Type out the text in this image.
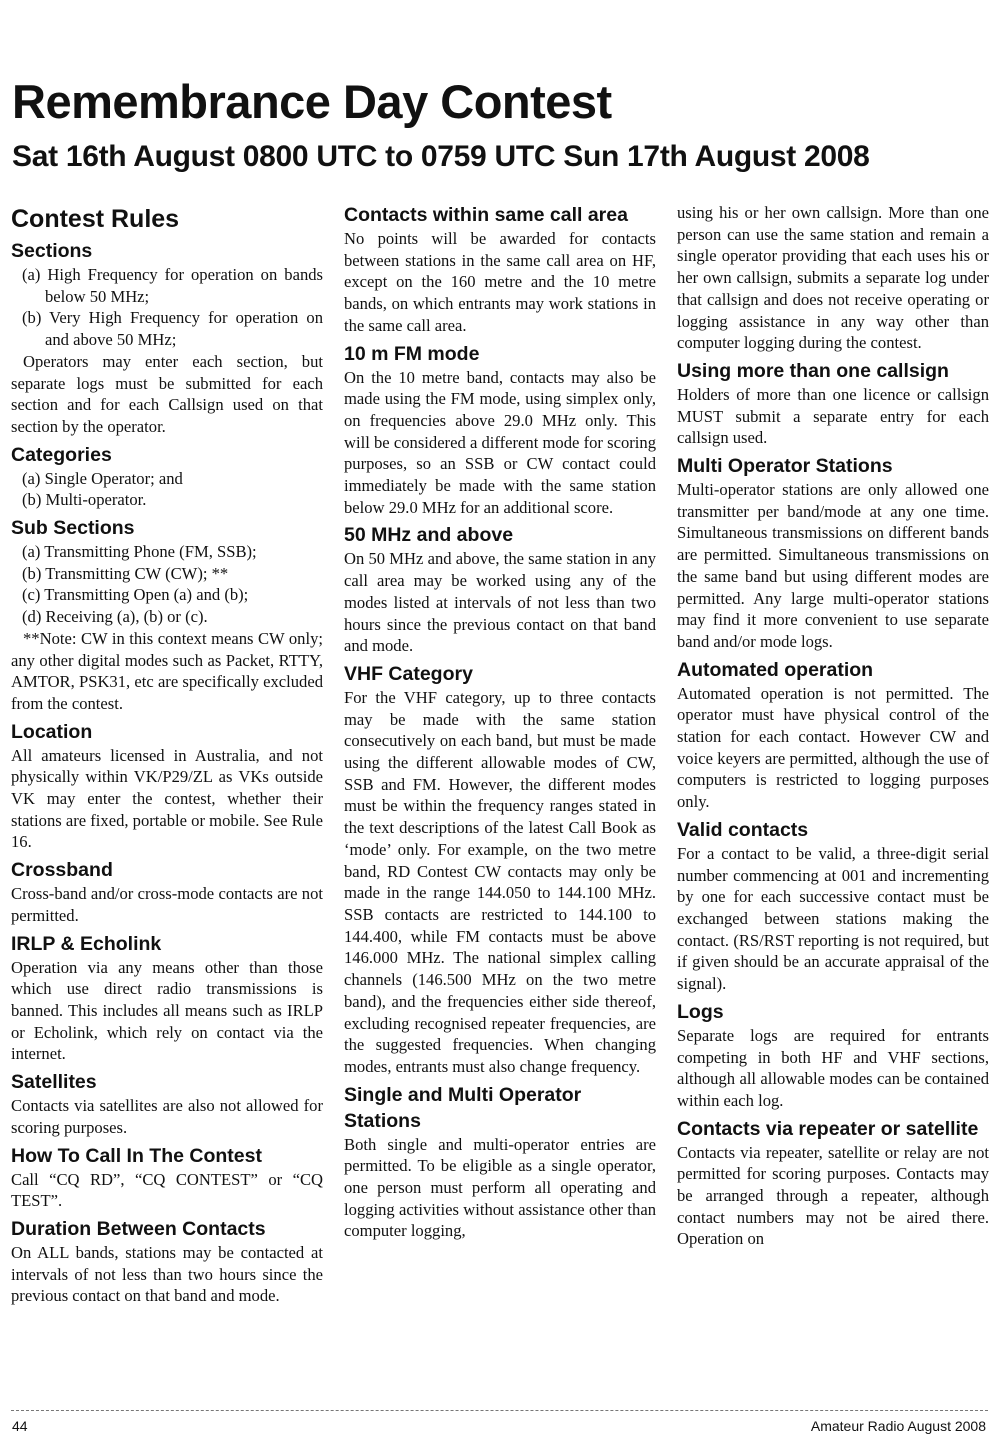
Remembrance Day Contest
Sat 16th August 0800 UTC to 0759 UTC Sun 17th August 2008
Contest Rules
Sections

(a) High Frequency for operation on bands below 50 MHz;

(b) Very High Frequency for operation on and above 50 MHz;

Operators may enter each section, but separate logs must be submitted for each section and for each Callsign used on that section by the operator.

Categories

(a) Single Operator; and

(b) Multi-operator.

Sub Sections

(a) Transmitting Phone (FM, SSB);

(b) Transmitting CW (CW); **

(c) Transmitting Open (a) and (b);

(d) Receiving (a), (b) or (c).

**Note: CW in this context means CW only; any other digital modes such as Packet, RTTY, AMTOR, PSK31, etc are specifically excluded from the contest.

Location

All amateurs licensed in Australia, and not physically within VK/P29/ZL as VKs outside VK may enter the contest, whether their stations are fixed, portable or mobile. See Rule 16.

Crossband

Cross-band and/or cross-mode contacts are not permitted.

IRLP & Echolink

Operation via any means other than those which use direct radio transmissions is banned. This includes all means such as IRLP or Echolink, which rely on contact via the internet.

Satellites

Contacts via satellites are also not allowed for scoring purposes.

How To Call In The Contest

Call “CQ RD”, “CQ CONTEST” or “CQ TEST”.

Duration Between Contacts

On ALL bands, stations may be contacted at intervals of not less than two hours since the previous contact on that band and mode.

Contacts within same call area

No points will be awarded for contacts between stations in the same call area on HF, except on the 160 metre and the 10 metre bands, on which entrants may work stations in the same call area.

10 m FM mode

On the 10 metre band, contacts may also be made using the FM mode, using simplex only, on frequencies above 29.0 MHz only. This will be considered a different mode for scoring purposes, so an SSB or CW contact could immediately be made with the same station below 29.0 MHz for an additional score.

50 MHz and above

On 50 MHz and above, the same station in any call area may be worked using any of the modes listed at intervals of not less than two hours since the previous contact on that band and mode.

VHF Category

For the VHF category, up to three contacts may be made with the same station consecutively on each band, but must be made using the different allowable modes of CW, SSB and FM. However, the different modes must be within the frequency ranges stated in the text descriptions of the latest Call Book as ‘mode’ only. For example, on the two metre band, RD Contest CW contacts may only be made in the range 144.050 to 144.100 MHz. SSB contacts are restricted to 144.100 to 144.400, while FM contacts must be above 146.000 MHz. The national simplex calling channels (146.500 MHz on the two metre band), and the frequencies either side thereof, excluding recognised repeater frequencies, are the suggested frequencies. When changing modes, entrants must also change frequency.

Single and Multi Operator Stations

Both single and multi-operator entries are permitted. To be eligible as a single operator, one person must perform all operating and logging activities without assistance other than computer logging,

using his or her own callsign. More than one person can use the same station and remain a single operator providing that each uses his or her own callsign, submits a separate log under that callsign and does not receive operating or logging assistance in any way other than computer logging during the contest.

Using more than one callsign

Holders of more than one licence or callsign MUST submit a separate entry for each callsign used.

Multi Operator Stations

Multi-operator stations are only allowed one transmitter per band/mode at any one time. Simultaneous transmissions on different bands are permitted. Simultaneous transmissions on the same band but using different modes are permitted. Any large multi-operator stations may find it more convenient to use separate band and/or mode logs.

Automated operation

Automated operation is not permitted. The operator must have physical control of the station for each contact. However CW and voice keyers are permitted, although the use of computers is restricted to logging purposes only.

Valid contacts

For a contact to be valid, a three-digit serial number commencing at 001 and incrementing by one for each successive contact must be exchanged between stations making the contact. (RS/RST reporting is not required, but if given should be an accurate appraisal of the signal).

Logs

Separate logs are required for entrants competing in both HF and VHF sections, although all allowable modes can be contained within each log.

Contacts via repeater or satellite

Contacts via repeater, satellite or relay are not permitted for scoring purposes. Contacts may be arranged through a repeater, although contact numbers may not be aired there. Operation on

44	Amateur Radio August 2008
